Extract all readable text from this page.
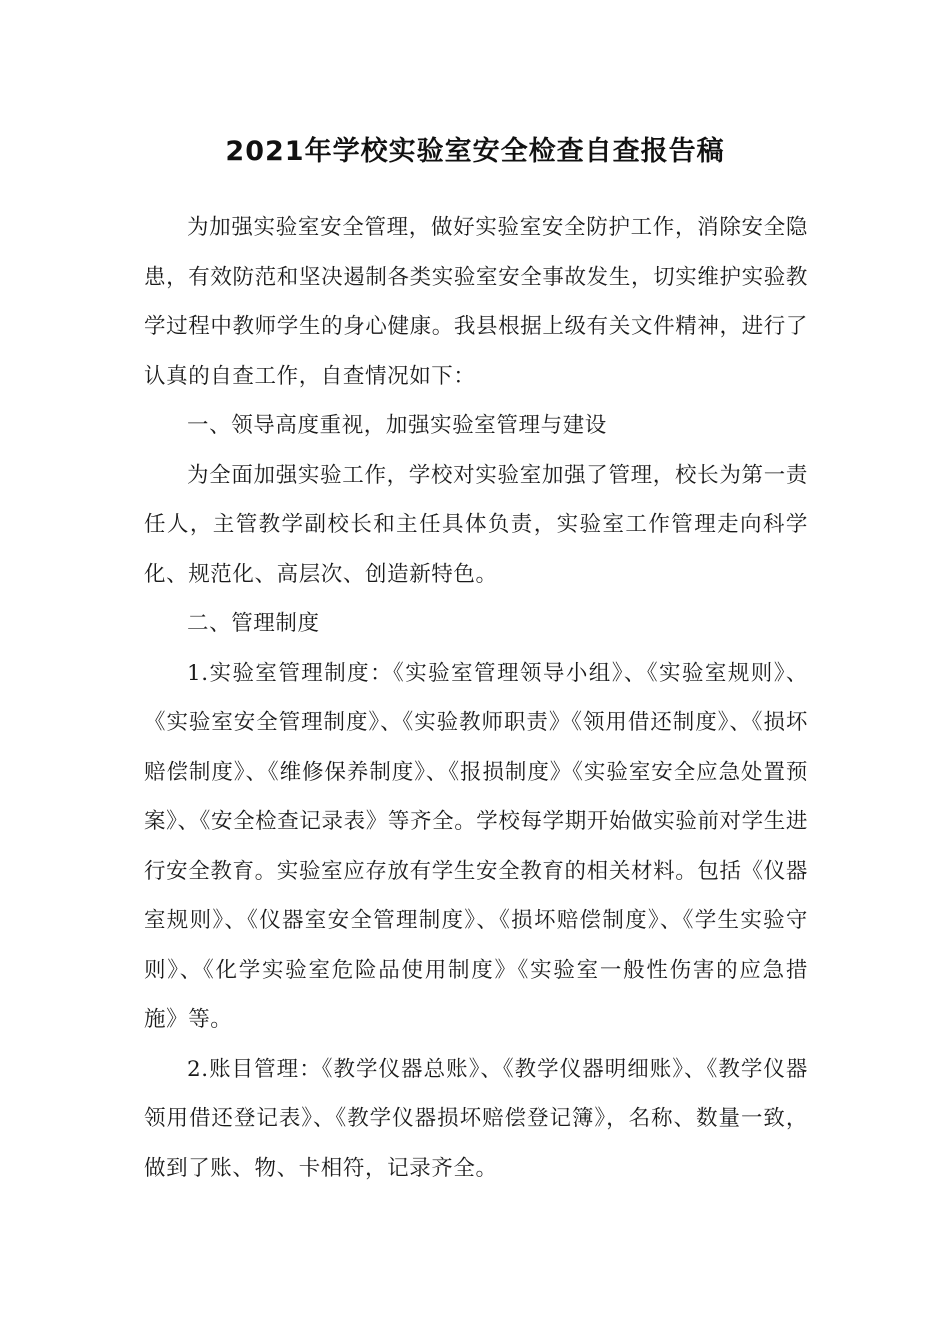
2021年学校实验室安全检查自查报告稿

为加强实验室安全管理，做好实验室安全防护工作，消除安全隐患，有效防范和坚决遏制各类实验室安全事故发生，切实维护实验教学过程中教师学生的身心健康。我县根据上级有关文件精神，进行了认真的自查工作，自查情况如下：

一、领导高度重视，加强实验室管理与建设

为全面加强实验工作，学校对实验室加强了管理，校长为第一责任人，主管教学副校长和主任具体负责，实验室工作管理走向科学化、规范化、高层次、创造新特色。

二、管理制度

1.实验室管理制度：《实验室管理领导小组》、《实验室规则》、《实验室安全管理制度》、《实验教师职责》《领用借还制度》、《损坏赔偿制度》、《维修保养制度》、《报损制度》《实验室安全应急处置预案》、《安全检查记录表》等齐全。学校每学期开始做实验前对学生进行安全教育。实验室应存放有学生安全教育的相关材料。包括《仪器室规则》、《仪器室安全管理制度》、《损坏赔偿制度》、《学生实验守则》、《化学实验室危险品使用制度》《实验室一般性伤害的应急措施》等。

2.账目管理：《教学仪器总账》、《教学仪器明细账》、《教学仪器领用借还登记表》、《教学仪器损坏赔偿登记簿》，名称、数量一致，做到了账、物、卡相符，记录齐全。
